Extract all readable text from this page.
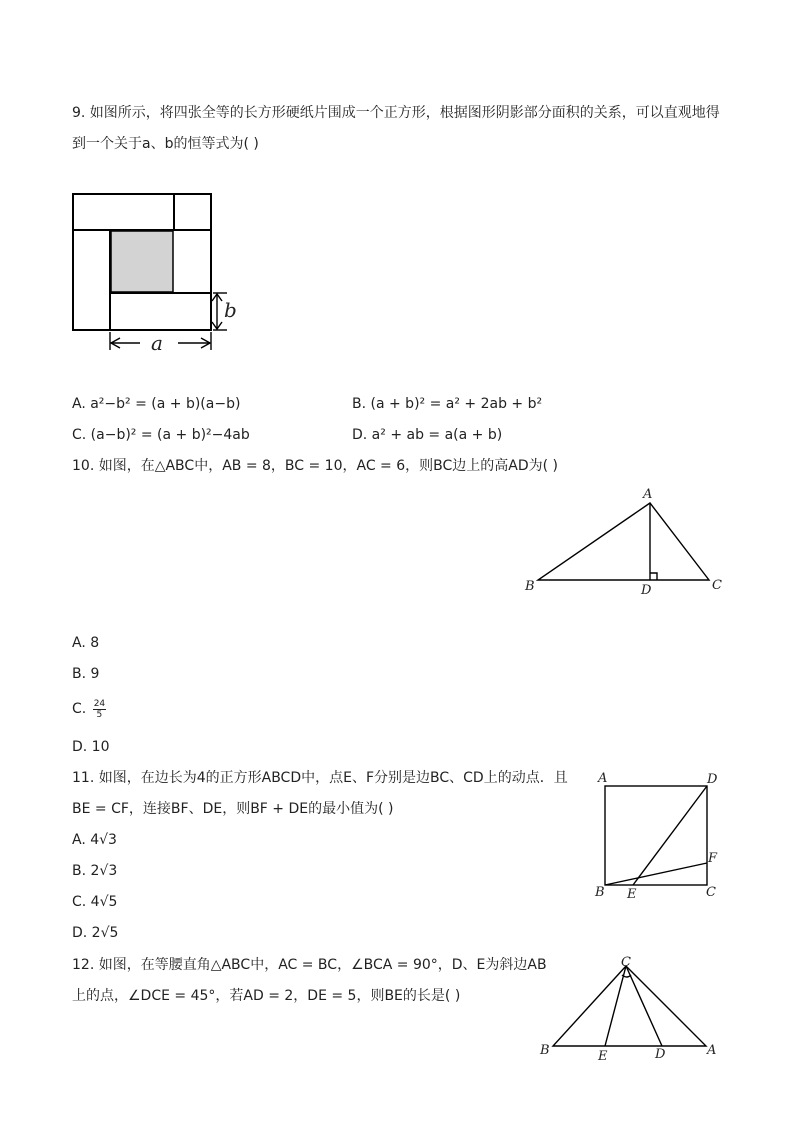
9. 如图所示，将四张全等的长方形硬纸片围成一个正方形，根据图形阴影部分面积的关系，可以直观地得
到一个关于a、b的恒等式为( )
b
a
A. a²−b² = (a + b)(a−b)	B. (a + b)² = a² + 2ab + b²
C. (a−b)² = (a + b)²−4ab	D. a² + ab = a(a + b)
10. 如图，在△ABC中，AB = 8，BC = 10，AC = 6，则BC边上的高AD为( )
A
B	C
D
A. 8
B. 9
C. $\frac{24}{5}$
D. 10
11. 如图，在边长为4的正方形ABCD中，点E、F分别是边BC、CD上的动点．且
BE = CF，连接BF、DE，则BF + DE的最小值为( )
A	D
F
B E	C
A. 4√3
B. 2√3
C. 4√5
D. 2√5
12. 如图，在等腰直角△ABC中，AC = BC，∠BCA = 90°，D、E为斜边AB
上的点，∠DCE = 45°，若AD = 2，DE = 5，则BE的长是( )
C
B	E	D	A
